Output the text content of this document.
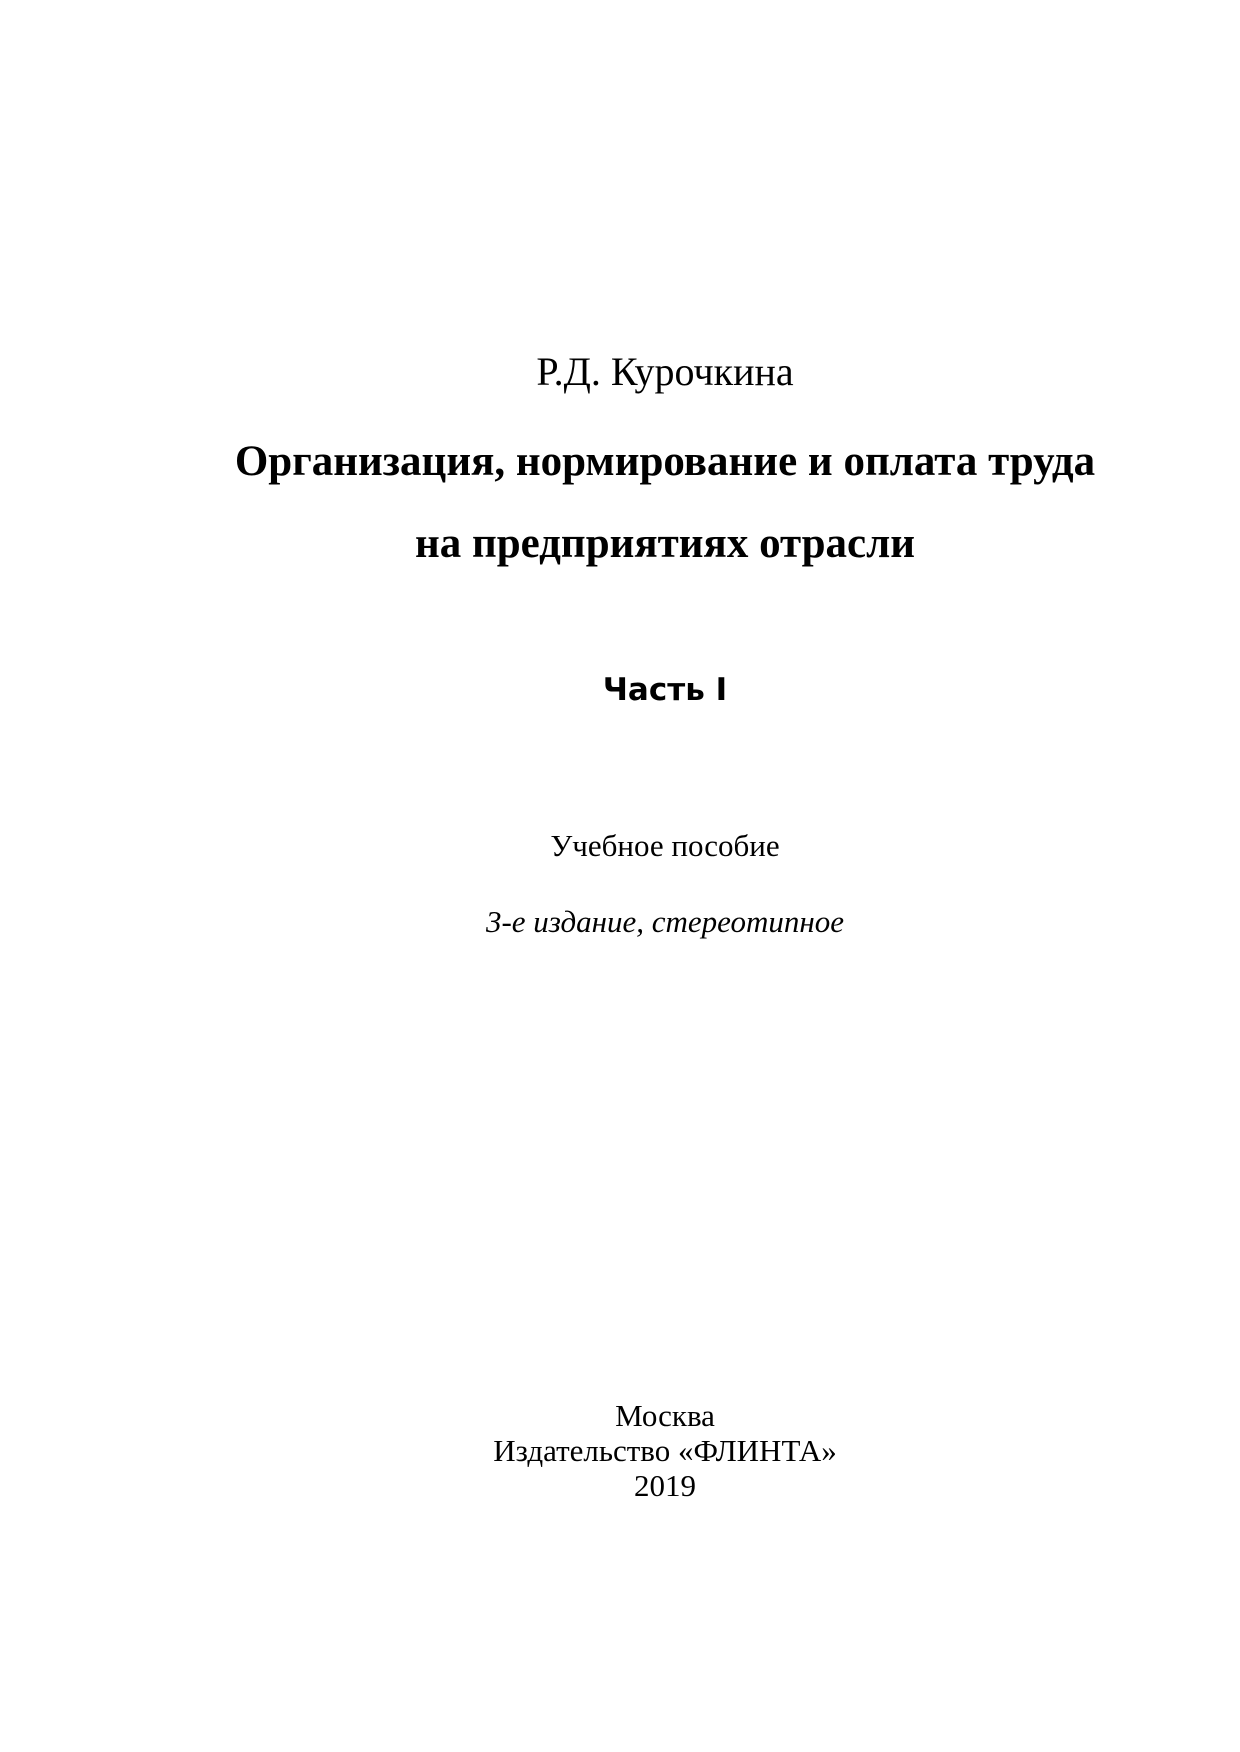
Р.Д. Курочкина

Организация, нормирование и оплата труда

на предприятиях отрасли

Часть I

Учебное пособие

3-е издание, стереотипное

Москва

Издательство «ФЛИНТА»

2019
